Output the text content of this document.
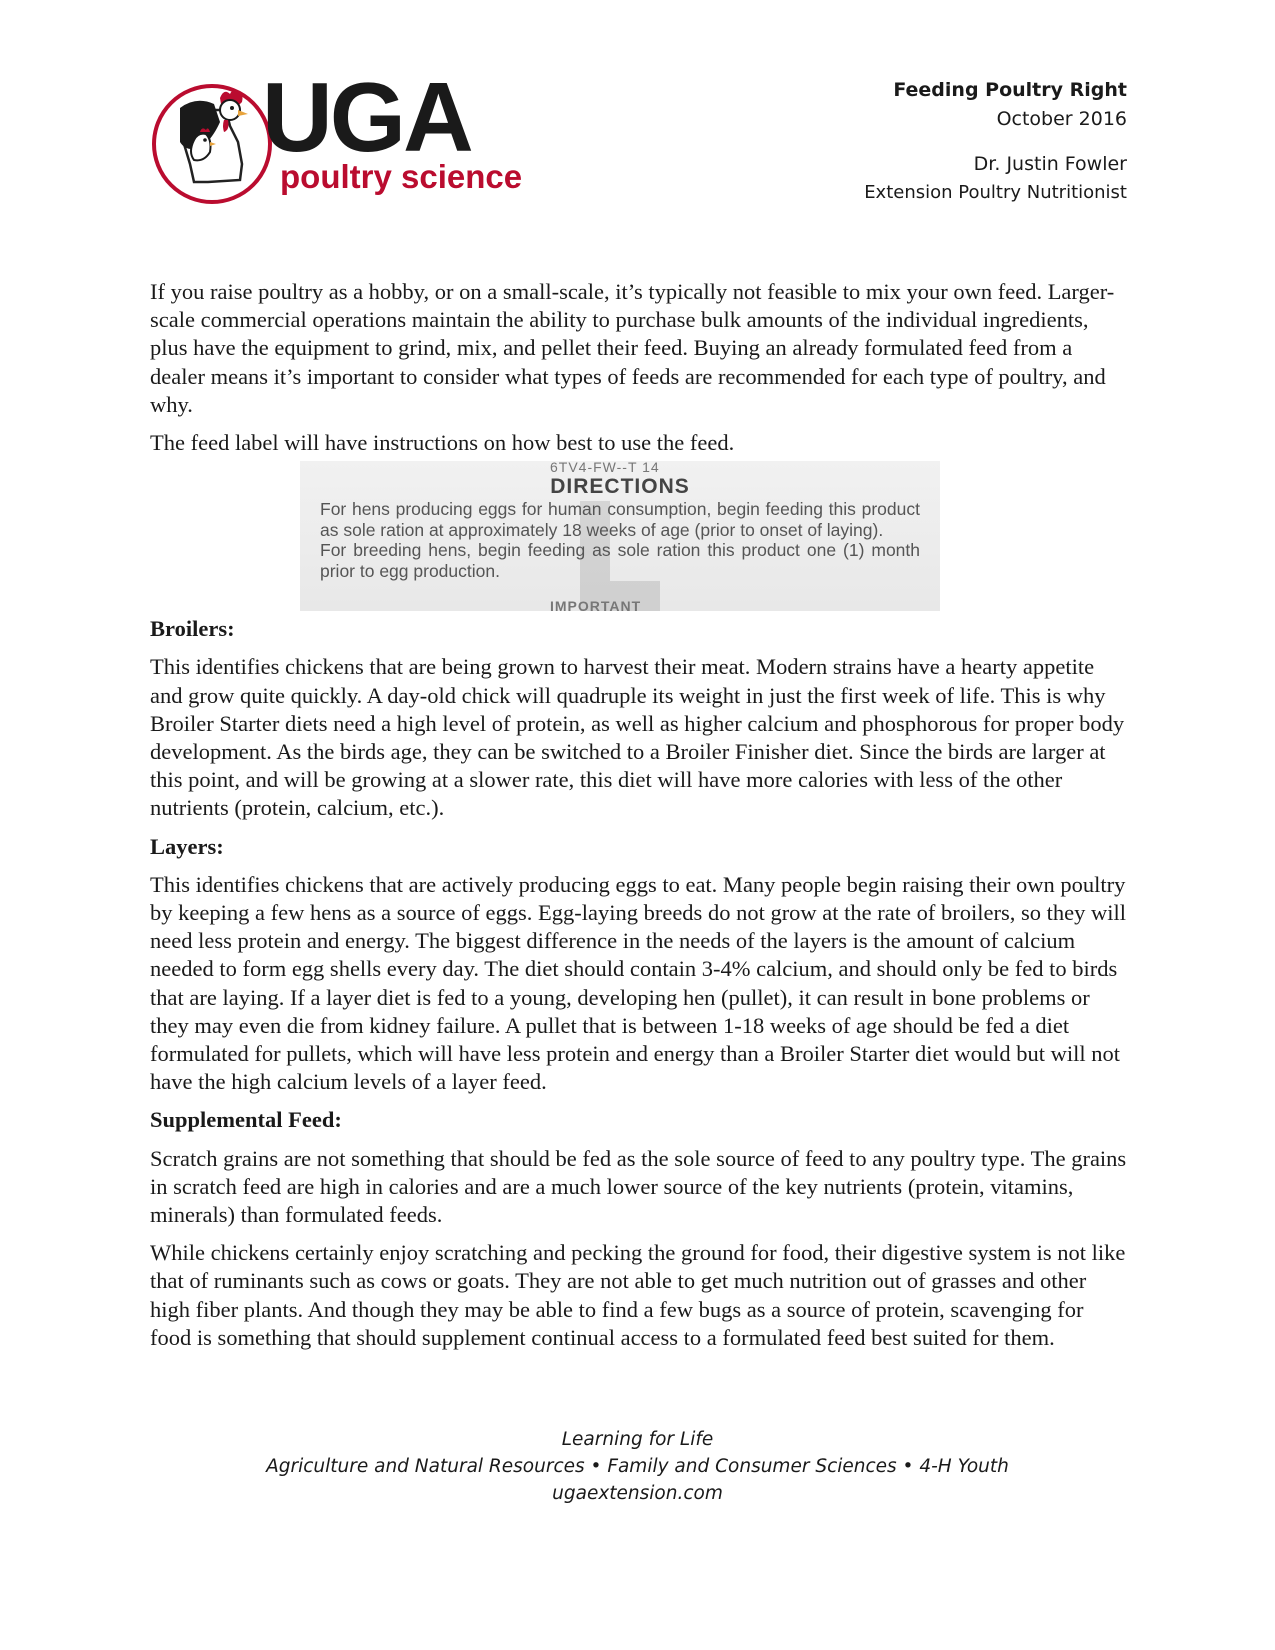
UGA
poultry science
Feeding Poultry Right
October 2016
Dr. Justin Fowler
Extension Poultry Nutritionist

If you raise poultry as a hobby, or on a small-scale, it’s typically not feasible to mix your own feed. Larger-scale commercial operations maintain the ability to purchase bulk amounts of the individual ingredients, plus have the equipment to grind, mix, and pellet their feed. Buying an already formulated feed from a dealer means it’s important to consider what types of feeds are recommended for each type of poultry, and why.

The feed label will have instructions on how best to use the feed.

6TV4-FW--T 14
DIRECTIONS
For hens producing eggs for human consumption, begin feeding this product as sole ration at approximately 18 weeks of age (prior to onset of laying).
For breeding hens, begin feeding as sole ration this product one (1) month prior to egg production.
IMPORTANT
Broilers:

This identifies chickens that are being grown to harvest their meat. Modern strains have a hearty appetite and grow quite quickly. A day-old chick will quadruple its weight in just the first week of life. This is why Broiler Starter diets need a high level of protein, as well as higher calcium and phosphorous for proper body development. As the birds age, they can be switched to a Broiler Finisher diet. Since the birds are larger at this point, and will be growing at a slower rate, this diet will have more calories with less of the other nutrients (protein, calcium, etc.).

Layers:

This identifies chickens that are actively producing eggs to eat. Many people begin raising their own poultry by keeping a few hens as a source of eggs. Egg-laying breeds do not grow at the rate of broilers, so they will need less protein and energy. The biggest difference in the needs of the layers is the amount of calcium needed to form egg shells every day. The diet should contain 3-4% calcium, and should only be fed to birds that are laying. If a layer diet is fed to a young, developing hen (pullet), it can result in bone problems or they may even die from kidney failure. A pullet that is between 1-18 weeks of age should be fed a diet formulated for pullets, which will have less protein and energy than a Broiler Starter diet would but will not have the high calcium levels of a layer feed.

Supplemental Feed:

Scratch grains are not something that should be fed as the sole source of feed to any poultry type. The grains in scratch feed are high in calories and are a much lower source of the key nutrients (protein, vitamins, minerals) than formulated feeds.

While chickens certainly enjoy scratching and pecking the ground for food, their digestive system is not like that of ruminants such as cows or goats. They are not able to get much nutrition out of grasses and other high fiber plants. And though they may be able to find a few bugs as a source of protein, scavenging for food is something that should supplement continual access to a formulated feed best suited for them.

Learning for Life
Agriculture and Natural Resources • Family and Consumer Sciences • 4-H Youth
ugaextension.com
